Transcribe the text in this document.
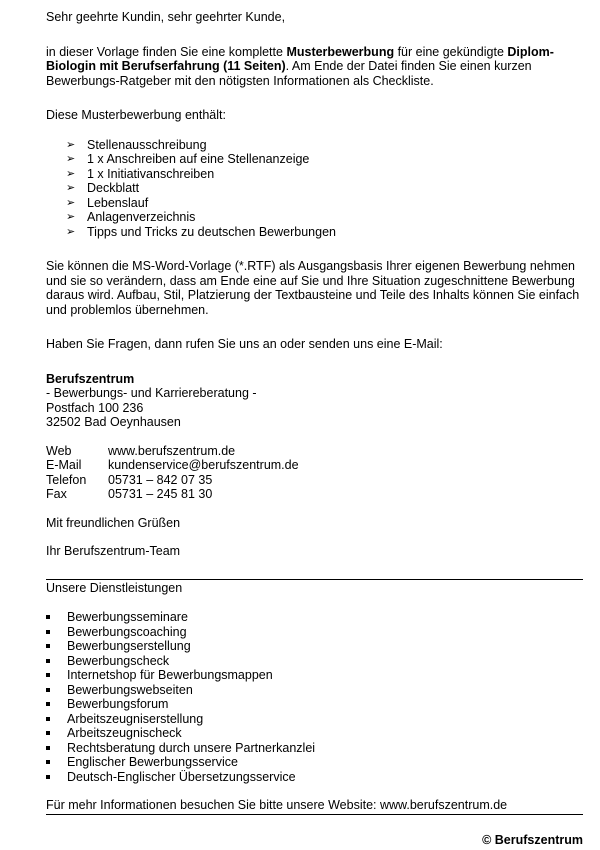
Sehr geehrte Kundin, sehr geehrter Kunde,

in dieser Vorlage finden Sie eine komplette Musterbewerbung für eine gekündigte Diplom-Biologin mit Berufserfahrung (11 Seiten). Am Ende der Datei finden Sie einen kurzen Bewerbungs-Ratgeber mit den nötigsten Informationen als Checkliste.

Diese Musterbewerbung enthält:

➢ Stellenausschreibung
➢ 1 x Anschreiben auf eine Stellenanzeige
➢ 1 x Initiativanschreiben
➢ Deckblatt
➢ Lebenslauf
➢ Anlagenverzeichnis
➢ Tipps und Tricks zu deutschen Bewerbungen

Sie können die MS-Word-Vorlage (*.RTF) als Ausgangsbasis Ihrer eigenen Bewerbung nehmen und sie so verändern, dass am Ende eine auf Sie und Ihre Situation zugeschnittene Bewerbung daraus wird. Aufbau, Stil, Platzierung der Textbausteine und Teile des Inhalts können Sie einfach und problemlos übernehmen.

Haben Sie Fragen, dann rufen Sie uns an oder senden uns eine E-Mail:

Berufszentrum

- Bewerbungs- und Karriereberatung -

Postfach 100 236

32502 Bad Oeynhausen

Web	www.berufszentrum.de
E-Mail	kundenservice@berufszentrum.de
Telefon	05731 – 842 07 35
Fax	05731 – 245 81 30

Mit freundlichen Grüßen

Ihr Berufszentrum-Team

Unsere Dienstleistungen

Bewerbungsseminare
Bewerbungscoaching
Bewerbungserstellung
Bewerbungscheck
Internetshop für Bewerbungsmappen
Bewerbungswebseiten
Bewerbungsforum
Arbeitszeugniserstellung
Arbeitszeugnischeck
Rechtsberatung durch unsere Partnerkanzlei
Englischer Bewerbungsservice
Deutsch-Englischer Übersetzungsservice

Für mehr Informationen besuchen Sie bitte unsere Website: www.berufszentrum.de

© Berufszentrum
